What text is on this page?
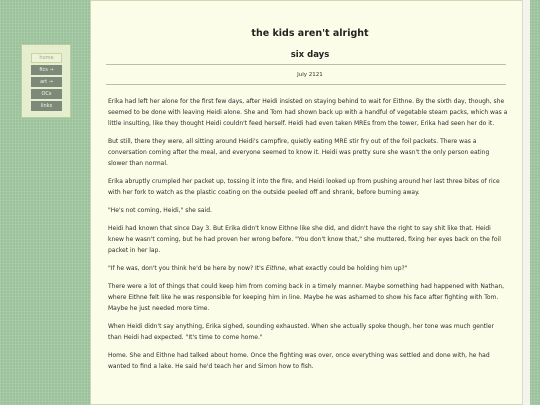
home
fics →
art →
OCs
links
the kids aren't alright
six days
July 2121

Erika had left her alone for the first few days, after Heidi insisted on staying behind to wait for Eithne. By the sixth day, though, she seemed to be done with leaving Heidi alone. She and Tom had shown back up with a handful of vegetable steam packs, which was a little insulting, like they thought Heidi couldn't feed herself. Heidi had even taken MREs from the tower, Erika had seen her do it.

But still, there they were, all sitting around Heidi's campfire, quietly eating MRE stir fry out of the foil packets. There was a conversation coming after the meal, and everyone seemed to know it. Heidi was pretty sure she wasn't the only person eating slower than normal.

Erika abruptly crumpled her packet up, tossing it into the fire, and Heidi looked up from pushing around her last three bites of rice with her fork to watch as the plastic coating on the outside peeled off and shrank, before burning away.

"He's not coming, Heidi," she said.

Heidi had known that since Day 3. But Erika didn't know Eithne like she did, and didn't have the right to say shit like that. Heidi knew he wasn't coming, but he had proven her wrong before. "You don't know that," she muttered, fixing her eyes back on the foil packet in her lap.

"If he was, don't you think he'd be here by now? It's Eithne, what exactly could be holding him up?"

There were a lot of things that could keep him from coming back in a timely manner. Maybe something had happened with Nathan, where Eithne felt like he was responsible for keeping him in line. Maybe he was ashamed to show his face after fighting with Tom. Maybe he just needed more time.

When Heidi didn't say anything, Erika sighed, sounding exhausted. When she actually spoke though, her tone was much gentler than Heidi had expected. "It's time to come home."

Home. She and Eithne had talked about home. Once the fighting was over, once everything was settled and done with, he had wanted to find a lake. He said he'd teach her and Simon how to fish.
